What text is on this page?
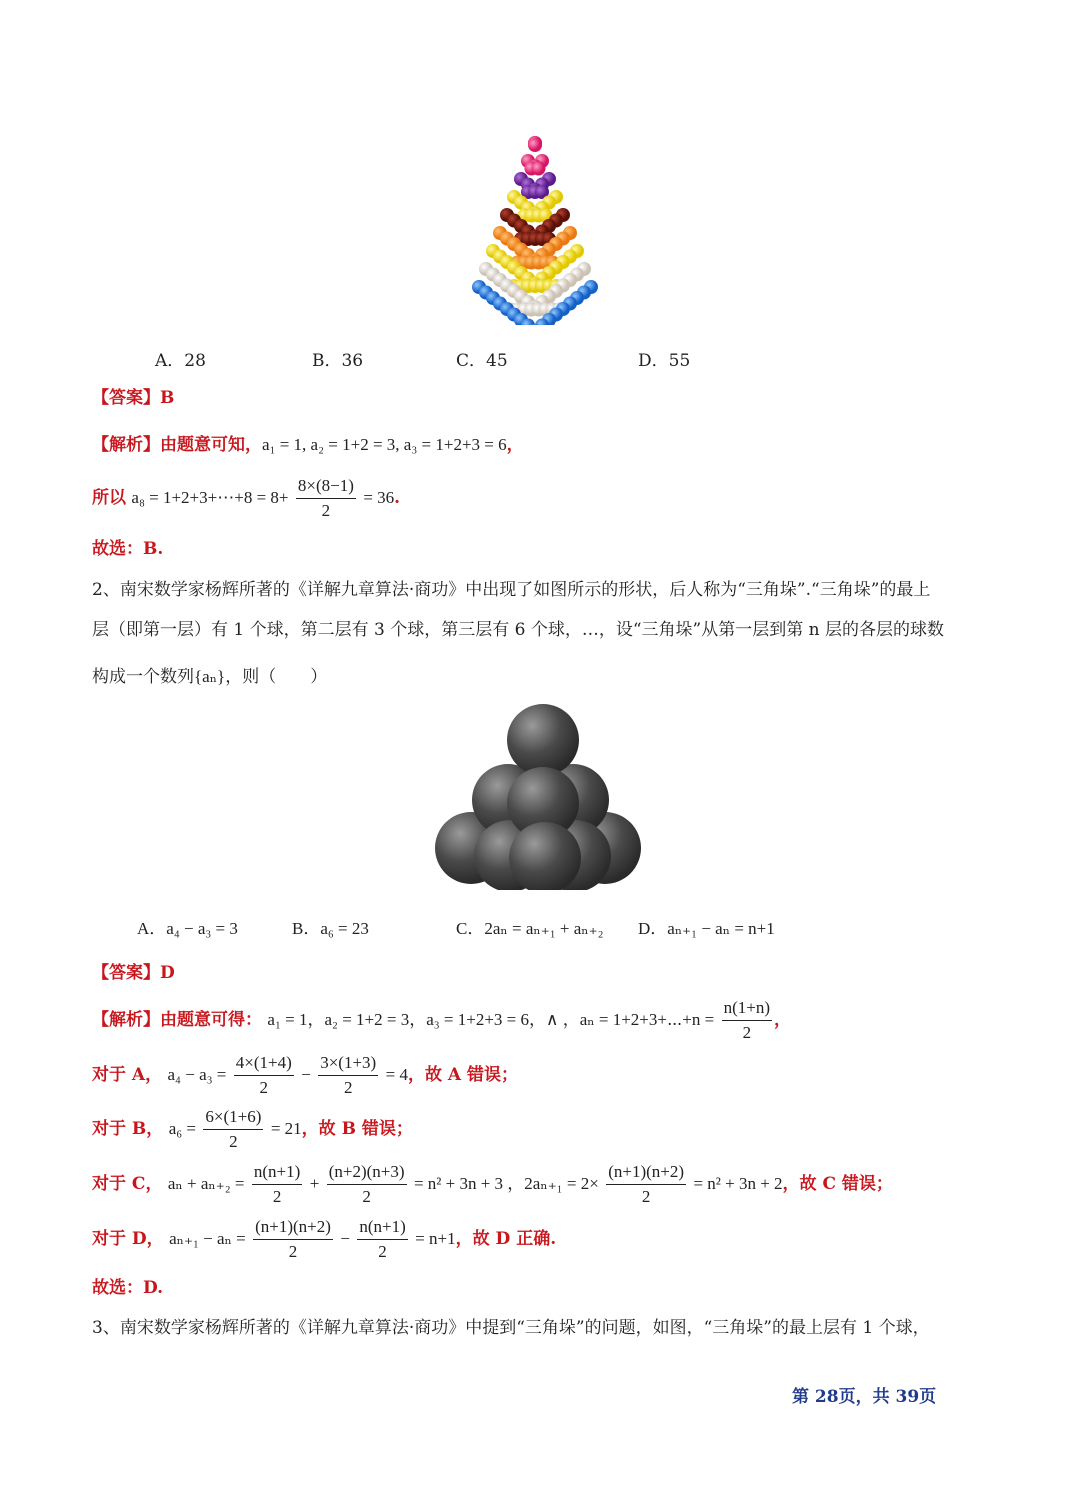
A．28	B．36	C．45	D．55
【答案】B
【解析】由题意可知，a₁ = 1, a₂ = 1+2 = 3, a₃ = 1+2+3 = 6，
所以 a₈ = 1+2+3+⋯+8 = $8+ \frac{8\times(8-1)}{2} = 36$.
故选：B.
2、南宋数学家杨辉所著的《详解九章算法·商功》中出现了如图所示的形状，后人称为“三角垛”.“三角垛”的最上
层（即第一层）有 1 个球，第二层有 3 个球，第三层有 6 个球，…，设“三角垛”从第一层到第 n 层的各层的球数
构成一个数列{aₙ}，则（　　）
A．a₄ − a₃ = 3	B．a₆ = 23	C．2aₙ = aₙ₊₁ + aₙ₊₂ D．aₙ₊₁ − aₙ = n+1
【答案】D
【解析】由题意可得： a₁ = 1，a₂ = 1+2 = 3，a₃ = 1+2+3 = 6，∧ ，aₙ = 1+2+3+⋯+n = $\frac{n(1+n)}{2}$ ，
对于 A， $a_4 - a_3 = \frac{4\times(1+4)}{2} - \frac{3\times(1+3)}{2} = 4$，故 A 错误；
对于 B， $a_6 = \frac{6\times(1+6)}{2} = 21$，故 B 错误；
对于 C， $a_n + a_{n+2} = \frac{n(n+1)}{2} + \frac{(n+2)(n+3)}{2} = n^2 + 3n + 3$ ，$2a_{n+1} = 2\times \frac{(n+1)(n+2)}{2} = n^2 + 3n + 2$，故 C 错误；
对于 D， $a_{n+1} - a_n = \frac{(n+1)(n+2)}{2} - \frac{n(n+1)}{2} = n+1$，故 D 正确.
故选：D.
3、南宋数学家杨辉所著的《详解九章算法·商功》中提到“三角垛”的问题，如图，“三角垛”的最上层有 1 个球，
第 28页，共 39页
